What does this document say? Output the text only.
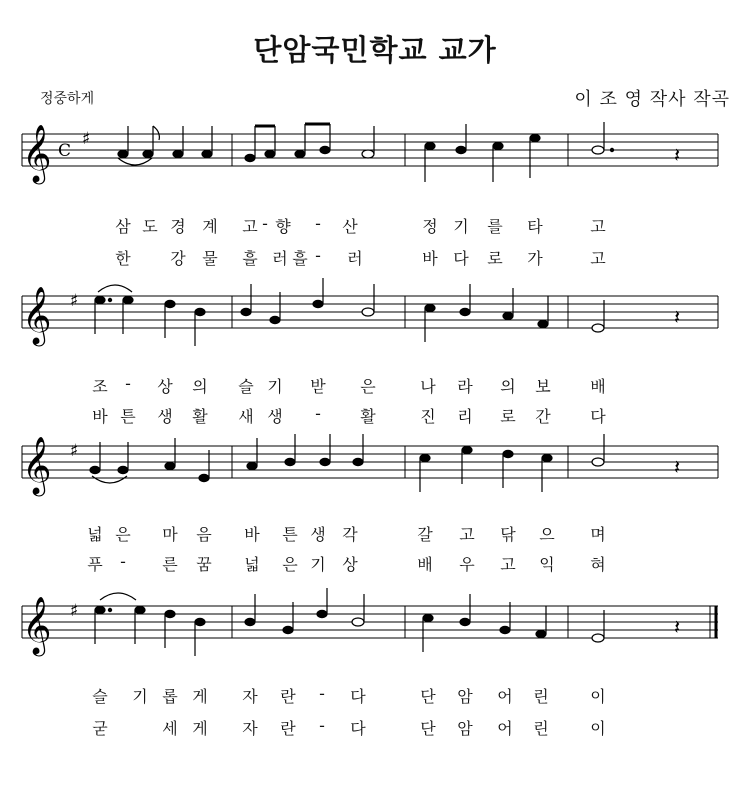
단암국민학교 교가
정중하게	이 조 영 작사 작곡
𝄞 C
♯
𝄽
𝄞 ♯
𝄽
𝄞 ♯
𝄽
𝄞 ♯
𝄽
삼 도 경 계 고 - 향 - 산	정 기 를 타	고
한 강 물 흘 러 흘 - 러	바 다 로 가	고
조 - 상 의 슬 기 받 은	나 라 의 보 배
바 튼 생 활 새 생 - 활	진 리 로 간 다
넓 은 마 음 바 튼 생 각	갈 고 닦 으 며
푸 - 른 꿈 넓 은 기 상	배 우 고 익 혀
슬 기 롭 게 자 란 - 다	단 암 어 린	이
굳	세 게 자 란 - 다	단 암 어 린	이
